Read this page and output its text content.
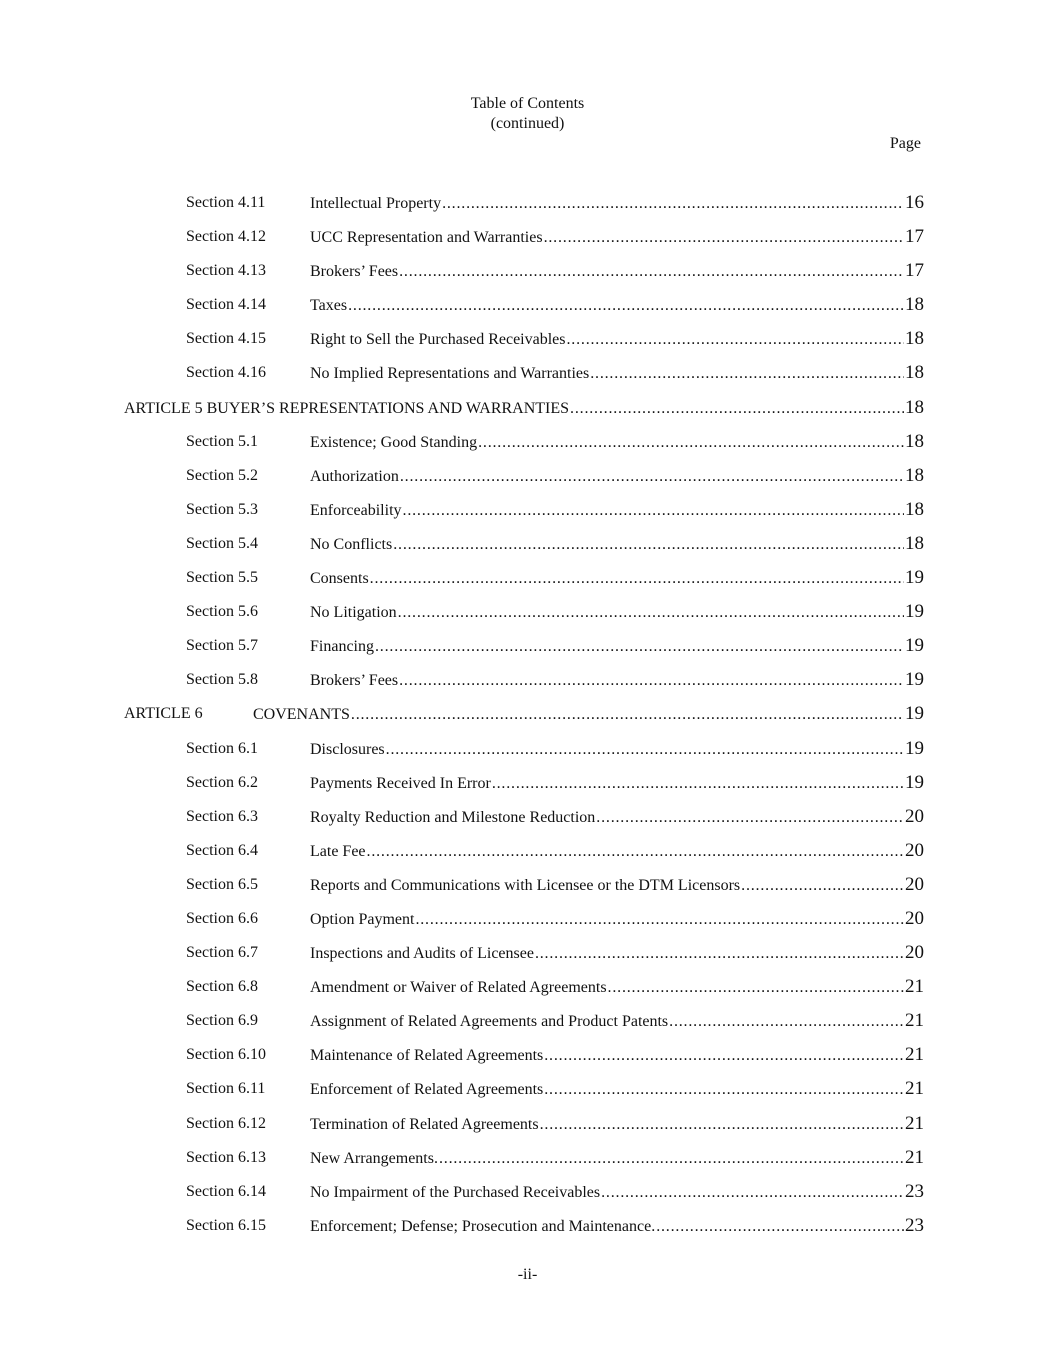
Table of Contents
(continued)
Page
Section 4.11	Intellectual Property . . .	16
Section 4.12	UCC Representation and Warranties . . .	17
Section 4.13	Brokers’ Fees . . .	17
Section 4.14	Taxes . . .	18
Section 4.15	Right to Sell the Purchased Receivables . . .	18
Section 4.16	No Implied Representations and Warranties . . .	18
ARTICLE 5 BUYER’S REPRESENTATIONS AND WARRANTIES . . .	18
Section 5.1	Existence; Good Standing . . .	18
Section 5.2	Authorization . . .	18
Section 5.3	Enforceability . . .	18
Section 5.4	No Conflicts . . .	18
Section 5.5	Consents . . .	19
Section 5.6	No Litigation . . .	19
Section 5.7	Financing . . .	19
Section 5.8	Brokers’ Fees . . .	19
ARTICLE 6	COVENANTS . . .	19
Section 6.1	Disclosures . . .	19
Section 6.2	Payments Received In Error . . .	19
Section 6.3	Royalty Reduction and Milestone Reduction . . .	20
Section 6.4	Late Fee . . .	20
Section 6.5	Reports and Communications with Licensee or the DTM Licensors . . .	20
Section 6.6	Option Payment . . .	20
Section 6.7	Inspections and Audits of Licensee . . .	20
Section 6.8	Amendment or Waiver of Related Agreements . . .	21
Section 6.9	Assignment of Related Agreements and Product Patents . . .	21
Section 6.10	Maintenance of Related Agreements . . .	21
Section 6.11	Enforcement of Related Agreements . . .	21
Section 6.12	Termination of Related Agreements . . .	21
Section 6.13	New Arrangements. . . .	21
Section 6.14	No Impairment of the Purchased Receivables . . .	23
Section 6.15	Enforcement; Defense; Prosecution and Maintenance. . . .	23
-ii-
